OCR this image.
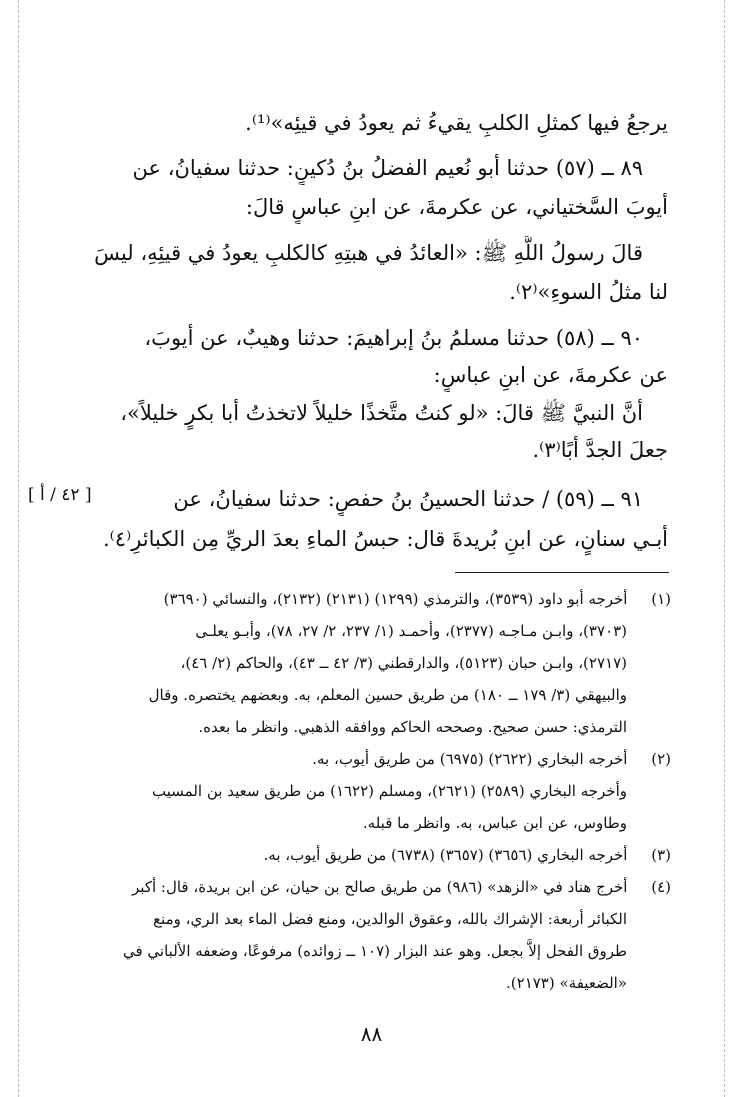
يرجعُ فيها كمثلِ الكلبِ يقيءُ ثم يعودُ في قيئِه»⁽¹⁾.
٨٩ ــ (٥٧) حدثنا أبو نُعيم الفضلُ بنُ دُكينٍ: حدثنا سفيانُ، عن
أيوبَ السَّختياني، عن عكرمةَ، عن ابنِ عباسٍ قالَ:
قالَ رسولُ اللَّهِ ﷺ: «العائدُ في هبتِهِ كالكلبِ يعودُ في قيئِهِ، ليسَ
لنا مثلُ السوءِ»⁽٢⁾.
٩٠ ــ (٥٨) حدثنا مسلمُ بنُ إبراهيمَ: حدثنا وهيبٌ، عن أيوبَ،
عن عكرمةَ، عن ابنِ عباسٍ:
أنَّ النبيَّ ﷺ قالَ: «لو كنتُ متَّخذًا خليلاً لاتخذتُ أبا بكرٍ خليلاً»،
جعلَ الجدَّ أبًا⁽٣⁾.
٩١ ــ (٥٩) / حدثنا الحسينُ بنُ حفصٍ: حدثنا سفيانُ، عن
أبـي سنانٍ، عن ابنِ بُريدةَ قال: حبسُ الماءِ بعدَ الريِّ مِن الكبائرِ⁽٤⁾.
[ ٤٢ / أ ]
(١)  أخرجه أبو داود (٣٥٣٩)، والترمذي (١٢٩٩) (٢١٣١) (٢١٣٢)، والنسائي (٣٦٩٠)
(٣٧٠٣)، وابـن مـاجـه (٢٣٧٧)، وأحمـد (١/ ٢٣٧، ٢/ ٢٧، ٧٨)، وأبـو يعلـى
(٢٧١٧)، وابـن حبان (٥١٢٣)، والدارقطني (٣/ ٤٢ ــ ٤٣)، والحاكم (٢/ ٤٦)،
والبيهقي (٣/ ١٧٩ ــ ١٨٠) من طريق حسين المعلم، به. وبعضهم يختصره. وقال
الترمذي: حسن صحيح. وصححه الحاكم ووافقه الذهبي. وانظر ما بعده.
(٢)  أخرجه البخاري (٢٦٢٢) (٦٩٧٥) من طريق أيوب، به.
وأخرجه البخاري (٢٥٨٩) (٢٦٢١)، ومسلم (١٦٢٢) من طريق سعيد بن المسيب
وطاوس، عن ابن عباس، به. وانظر ما قبله.
(٣)  أخرجه البخاري (٣٦٥٦) (٣٦٥٧) (٦٧٣٨) من طريق أيوب، به.
(٤)  أخرج هناد في «الزهد» (٩٨٦) من طريق صالح بن حيان، عن ابن بريدة، قال: أكبر
الكبائر أربعة: الإشراك بالله، وعقوق الوالدين، ومنع فضل الماء بعد الري، ومنع
طروق الفحل إلاَّ بجعل. وهو عند البزار (١٠٧ ــ زوائده) مرفوعًا، وضعفه الألباني في
«الضعيفة» (٢١٧٣).
٨٨
